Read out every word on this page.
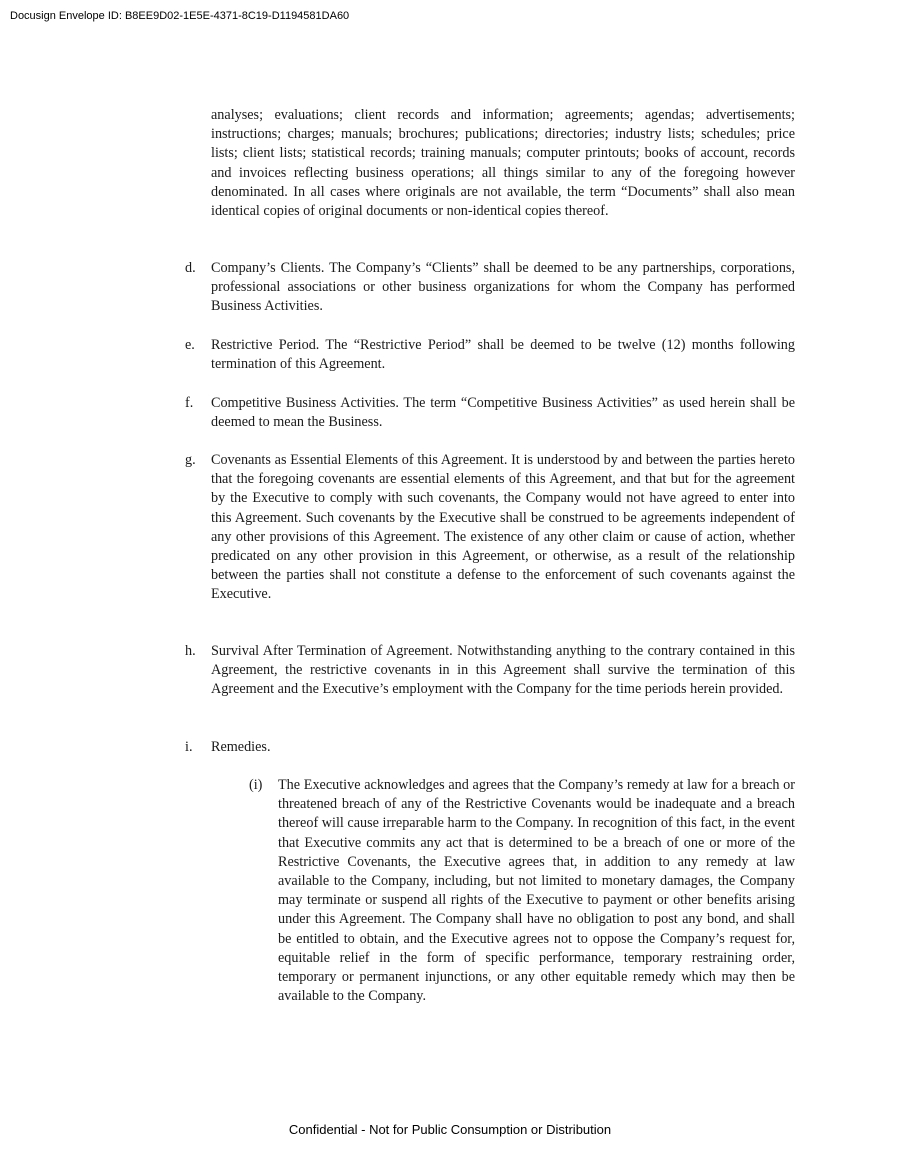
Docusign Envelope ID: B8EE9D02-1E5E-4371-8C19-D1194581DA60

analyses; evaluations; client records and information; agreements; agendas; advertisements; instructions; charges; manuals; brochures; publications; directories; industry lists; schedules; price lists; client lists; statistical records; training manuals; computer printouts; books of account, records and invoices reflecting business operations; all things similar to any of the foregoing however denominated. In all cases where originals are not available, the term “Documents” shall also mean identical copies of original documents or non-identical copies thereof.

d.	Company’s Clients. The Company’s “Clients” shall be deemed to be any partnerships, corporations, professional associations or other business organizations for whom the Company has performed Business Activities.

e.	Restrictive Period. The “Restrictive Period” shall be deemed to be twelve (12) months following termination of this Agreement.

f.	Competitive Business Activities. The term “Competitive Business Activities” as used herein shall be deemed to mean the Business.

g.	Covenants as Essential Elements of this Agreement. It is understood by and between the parties hereto that the foregoing covenants are essential elements of this Agreement, and that but for the agreement by the Executive to comply with such covenants, the Company would not have agreed to enter into this Agreement. Such covenants by the Executive shall be construed to be agreements independent of any other provisions of this Agreement. The existence of any other claim or cause of action, whether predicated on any other provision in this Agreement, or otherwise, as a result of the relationship between the parties shall not constitute a defense to the enforcement of such covenants against the Executive.

h.	Survival After Termination of Agreement. Notwithstanding anything to the contrary contained in this Agreement, the restrictive covenants in in this Agreement shall survive the termination of this Agreement and the Executive’s employment with the Company for the time periods herein provided.

i.	Remedies.

(i)	The Executive acknowledges and agrees that the Company’s remedy at law for a breach or threatened breach of any of the Restrictive Covenants would be inadequate and a breach thereof will cause irreparable harm to the Company. In recognition of this fact, in the event that Executive commits any act that is determined to be a breach of one or more of the Restrictive Covenants, the Executive agrees that, in addition to any remedy at law available to the Company, including, but not limited to monetary damages, the Company may terminate or suspend all rights of the Executive to payment or other benefits arising under this Agreement. The Company shall have no obligation to post any bond, and shall be entitled to obtain, and the Executive agrees not to oppose the Company’s request for, equitable relief in the form of specific performance, temporary restraining order, temporary or permanent injunctions, or any other equitable remedy which may then be available to the Company.

Confidential - Not for Public Consumption or Distribution
